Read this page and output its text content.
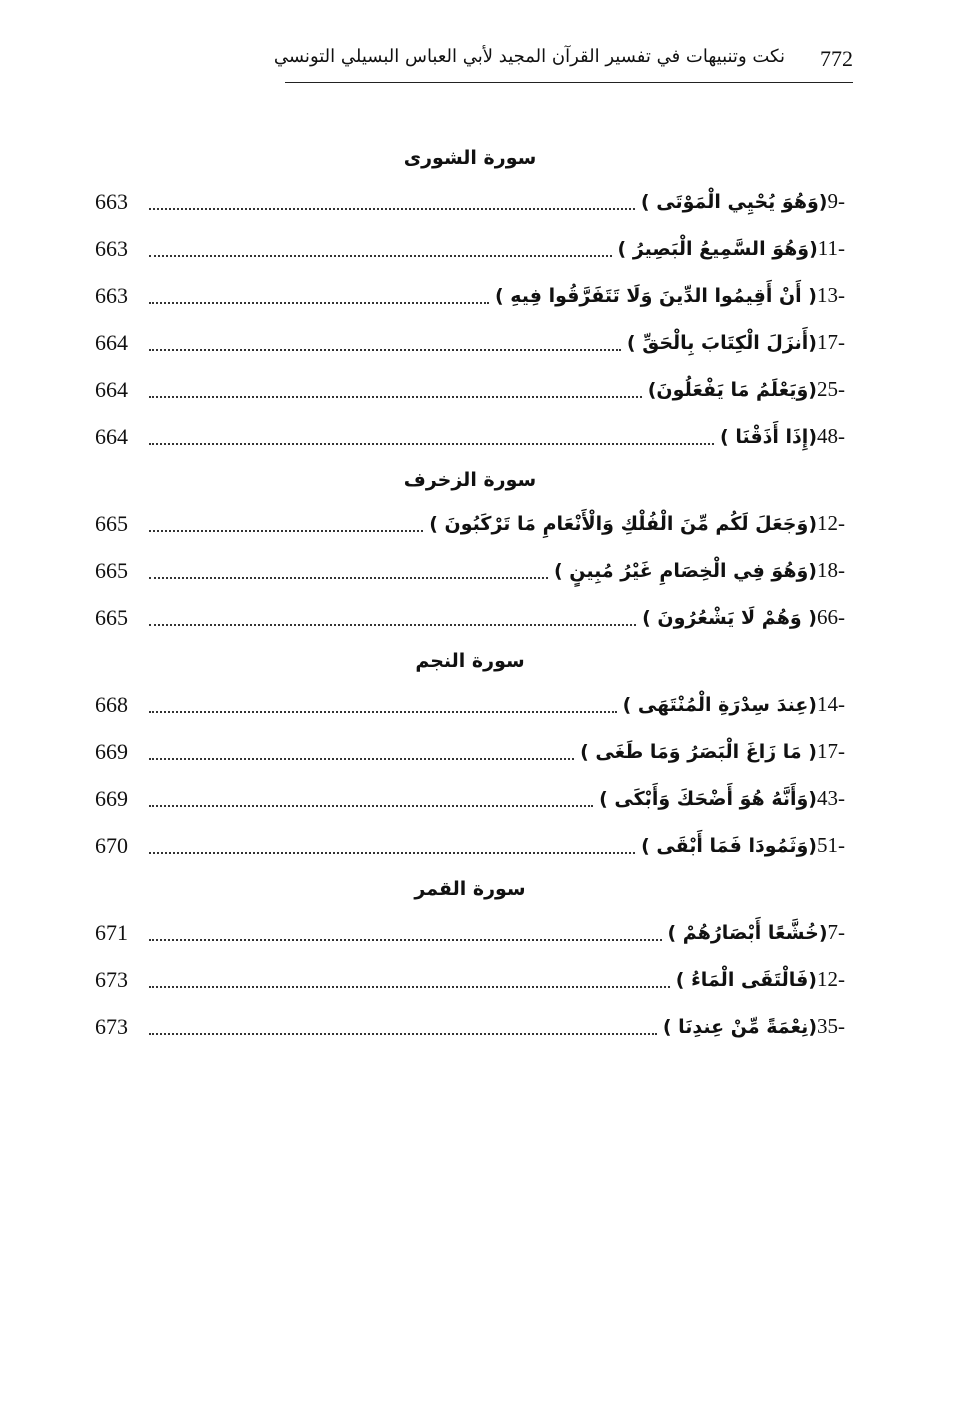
772
نكت وتنبيهات في تفسير القرآن المجيد لأبي العباس البسيلي التونسي
سورة الشورى
9-
(وَهُوَ يُحْيِي الْمَوْتَى )
663
11-
(وَهُوَ السَّمِيعُ الْبَصِيرُ )
663
13-
( أَنْ أَقِيمُوا الدِّينَ وَلَا تَتَفَرَّقُوا فِيهِ )
663
17-
(أَنزَلَ الْكِتَابَ بِالْحَقِّ )
664
25-
(وَيَعْلَمُ مَا يَفْعَلُونَ)
664
48-
(إِذَا أَذَقْنَا )
664
سورة الزخرف
12-
(وَجَعَلَ لَكُم مِّنَ الْفُلْكِ وَالْأَنْعَامِ مَا تَرْكَبُونَ )
665
18-
(وَهُوَ فِي الْخِصَامِ غَيْرُ مُبِينٍ )
665
66-
( وَهُمْ لَا يَشْعُرُونَ )
665
سورة النجم
14-
(عِندَ سِدْرَةِ الْمُنْتَهَى )
668
17-
( مَا زَاغَ الْبَصَرُ وَمَا طَغَى )
669
43-
(وَأَنَّهُ هُوَ أَضْحَكَ وَأَبْكَى )
669
51-
(وَثَمُودَا فَمَا أَبْقَى )
670
سورة القمر
7-
(خُشَّعًا أَبْصَارُهُمْ )
671
12-
(فَالْتَقَى الْمَاءُ )
673
35-
(نِعْمَةً مِّنْ عِندِنَا )
673
